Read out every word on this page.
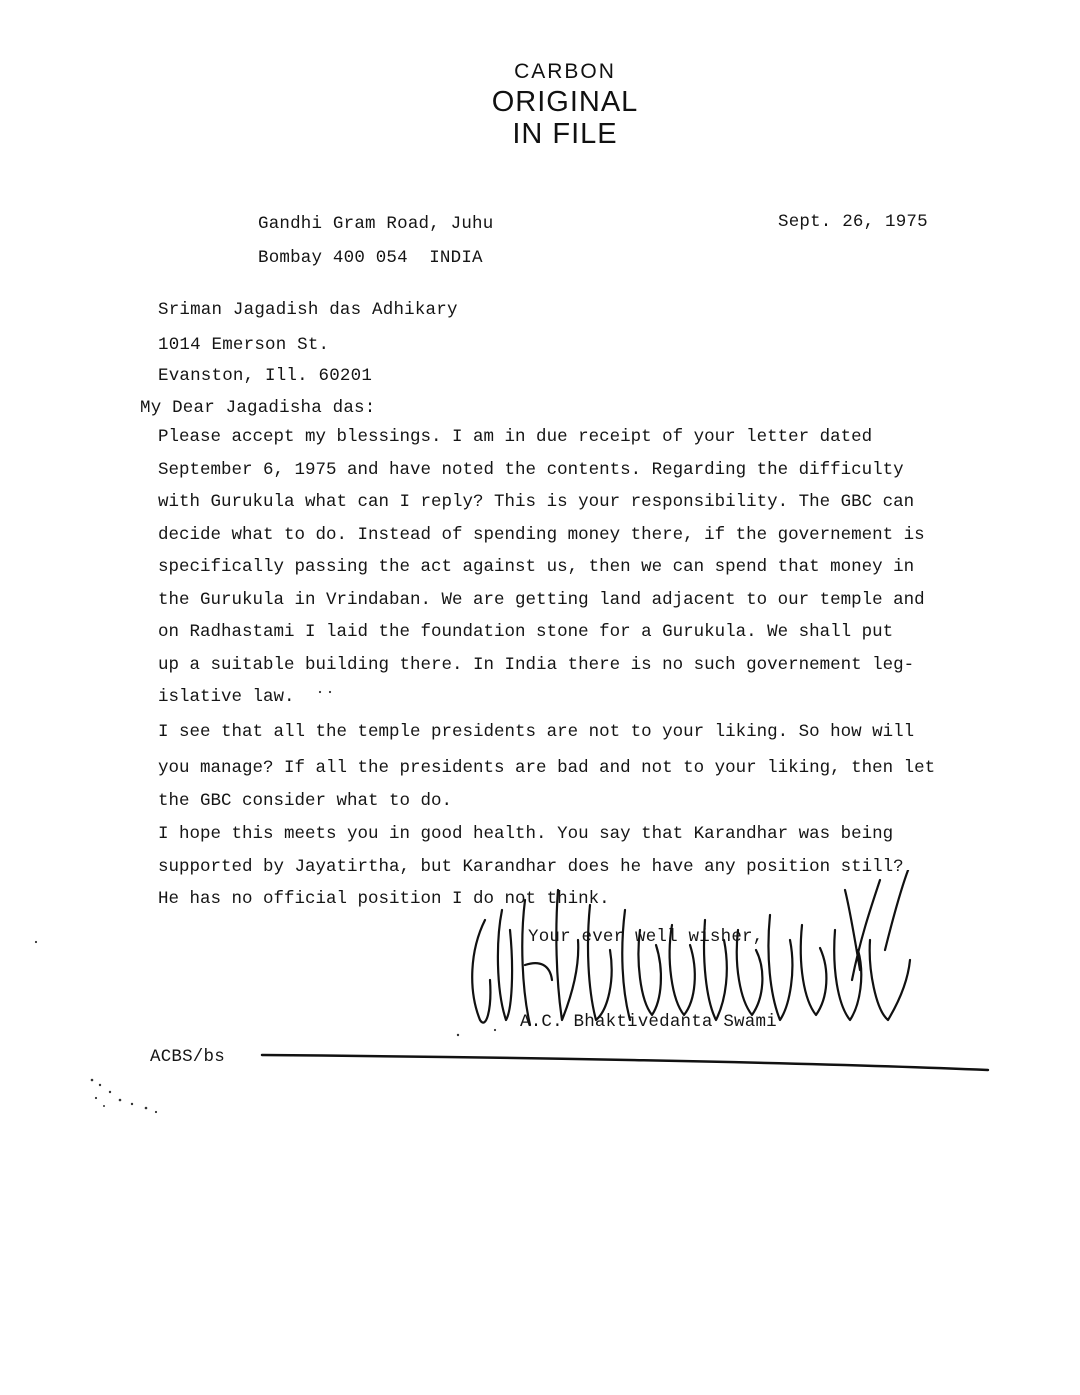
CARBON
ORIGINAL
IN FILE
Gandhi Gram Road, Juhu
Bombay 400 054  INDIA
Sept. 26, 1975
Sriman Jagadish das Adhikary
1014 Emerson St.
Evanston, Ill. 60201
My Dear Jagadisha das:
Please accept my blessings. I am in due receipt of your letter dated
September 6, 1975 and have noted the contents. Regarding the difficulty
with Gurukula what can I reply? This is your responsibility. The GBC can
decide what to do. Instead of spending money there, if the governement is
specifically passing the act against us, then we can spend that money in
the Gurukula in Vrindaban. We are getting land adjacent to our temple and
on Radhastami I laid the foundation stone for a Gurukula. We shall put
up a suitable building there. In India there is no such governement leg-
islative law.
I see that all the temple presidents are not to your liking. So how will
you manage? If all the presidents are bad and not to your liking, then let
the GBC consider what to do.
I hope this meets you in good health. You say that Karandhar was being
supported by Jayatirtha, but Karandhar does he have any position still?
He has no official position I do not think.
Your ever well wisher,
A.C. Bhaktivedanta Swami
ACBS/bs
